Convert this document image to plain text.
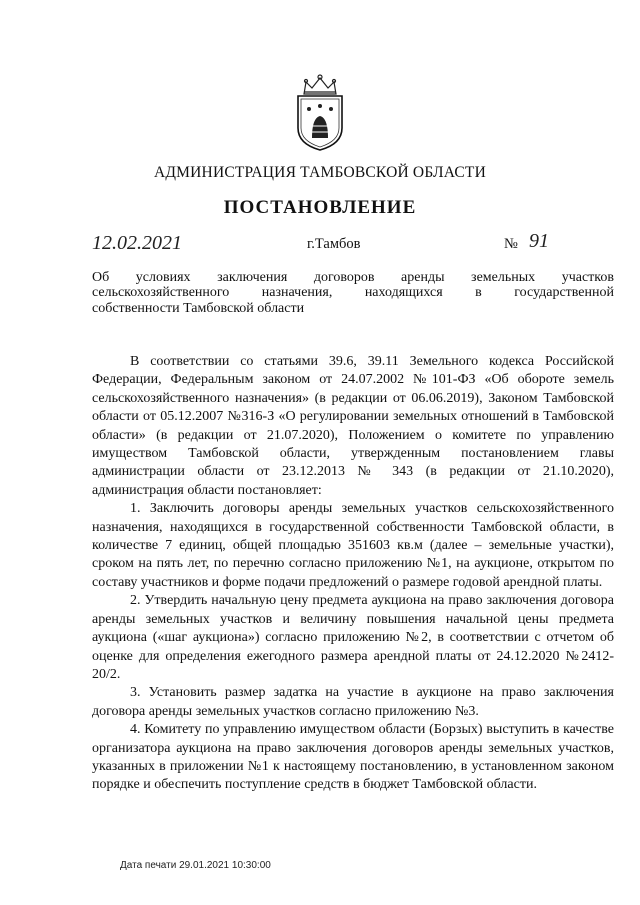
АДМИНИСТРАЦИЯ ТАМБОВСКОЙ ОБЛАСТИ
ПОСТАНОВЛЕНИЕ
12.02.2021	г.Тамбов	№ 91
Об условиях заключения договоров аренды земельных участков
сельскохозяйственного назначения, находящихся в государственной
собственности Тамбовской области

В соответствии со статьями 39.6, 39.11 Земельного кодекса Российской Федерации, Федеральным законом от 24.07.2002 №101-ФЗ «Об обороте земель сельскохозяйственного назначения» (в редакции от 06.06.2019), Законом Тамбовской области от 05.12.2007 №316-З «О регулировании земельных отношений в Тамбовской области» (в редакции от 21.07.2020), Положением о комитете по управлению имуществом Тамбовской области, утвержденным постановлением главы администрации области от 23.12.2013 № 343 (в редакции от 21.10.2020), администрация области постановляет:

1. Заключить договоры аренды земельных участков сельскохозяйственного назначения, находящихся в государственной собственности Тамбовской области, в количестве 7 единиц, общей площадью 351603 кв.м (далее – земельные участки), сроком на пять лет, по перечню согласно приложению №1, на аукционе, открытом по составу участников и форме подачи предложений о размере годовой арендной платы.

2. Утвердить начальную цену предмета аукциона на право заключения договора аренды земельных участков и величину повышения начальной цены предмета аукциона («шаг аукциона») согласно приложению №2, в соответствии с отчетом об оценке для определения ежегодного размера арендной платы от 24.12.2020 №2412-20/2.

3. Установить размер задатка на участие в аукционе на право заключения договора аренды земельных участков согласно приложению №3.

4. Комитету по управлению имуществом области (Борзых) выступить в качестве организатора аукциона на право заключения договоров аренды земельных участков, указанных в приложении №1 к настоящему постановлению, в установленном законом порядке и обеспечить поступление средств в бюджет Тамбовской области.

Дата печати 29.01.2021 10:30:00
